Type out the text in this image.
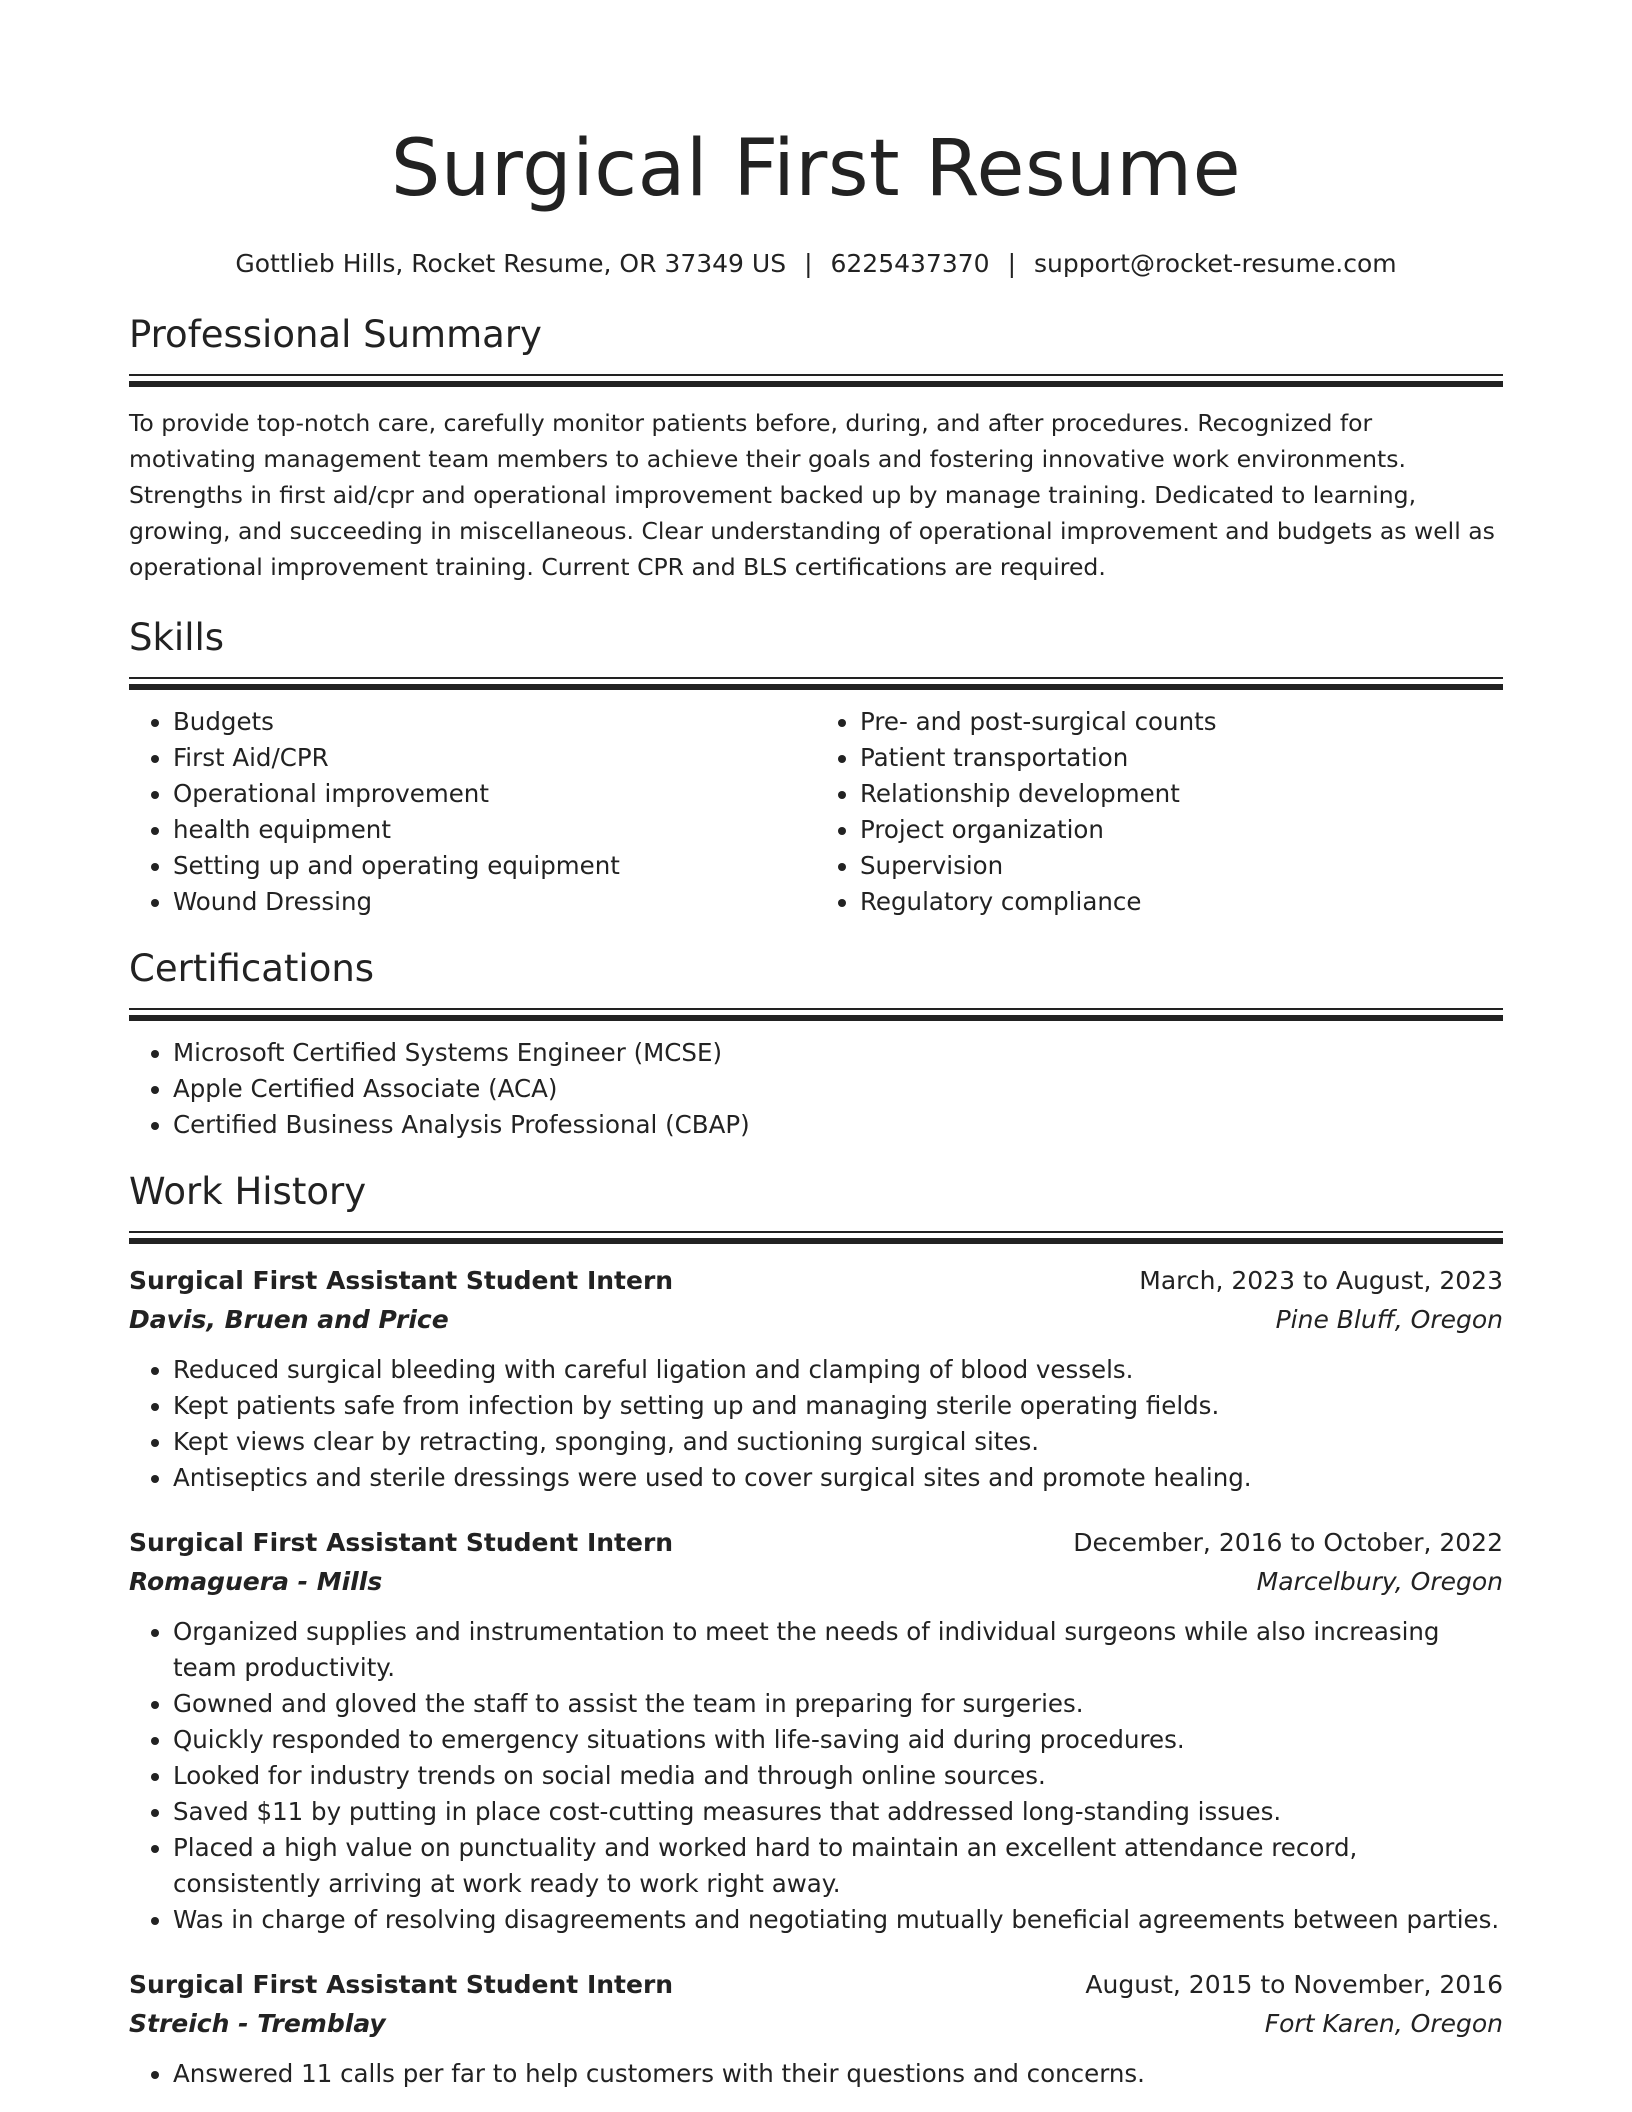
Surgical First Resume
Gottlieb Hills, Rocket Resume, OR 37349 US | 6225437370 | support@rocket-resume.com
Professional Summary

To provide top-notch care, carefully monitor patients before, during, and after procedures. Recognized for motivating management team members to achieve their goals and fostering innovative work environments. Strengths in first aid/cpr and operational improvement backed up by manage training. Dedicated to learning, growing, and succeeding in miscellaneous. Clear understanding of operational improvement and budgets as well as operational improvement training. Current CPR and BLS certifications are required.

Skills
• Budgets
• First Aid/CPR
• Operational improvement
• health equipment
• Setting up and operating equipment
• Wound Dressing
• Pre- and post-surgical counts
• Patient transportation
• Relationship development
• Project organization
• Supervision
• Regulatory compliance
Certifications
• Microsoft Certified Systems Engineer (MCSE)
• Apple Certified Associate (ACA)
• Certified Business Analysis Professional (CBAP)
Work History
Surgical First Assistant Student Intern	March, 2023 to August, 2023
Davis, Bruen and Price	Pine Bluff, Oregon
• Reduced surgical bleeding with careful ligation and clamping of blood vessels.
• Kept patients safe from infection by setting up and managing sterile operating fields.
• Kept views clear by retracting, sponging, and suctioning surgical sites.
• Antiseptics and sterile dressings were used to cover surgical sites and promote healing.
Surgical First Assistant Student Intern	December, 2016 to October, 2022
Romaguera - Mills	Marcelbury, Oregon
• Organized supplies and instrumentation to meet the needs of individual surgeons while also increasing team productivity.
• Gowned and gloved the staff to assist the team in preparing for surgeries.
• Quickly responded to emergency situations with life-saving aid during procedures.
• Looked for industry trends on social media and through online sources.
• Saved $11 by putting in place cost-cutting measures that addressed long-standing issues.
• Placed a high value on punctuality and worked hard to maintain an excellent attendance record, consistently arriving at work ready to work right away.
• Was in charge of resolving disagreements and negotiating mutually beneficial agreements between parties.
Surgical First Assistant Student Intern	August, 2015 to November, 2016
Streich - Tremblay	Fort Karen, Oregon
• Answered 11 calls per far to help customers with their questions and concerns.
